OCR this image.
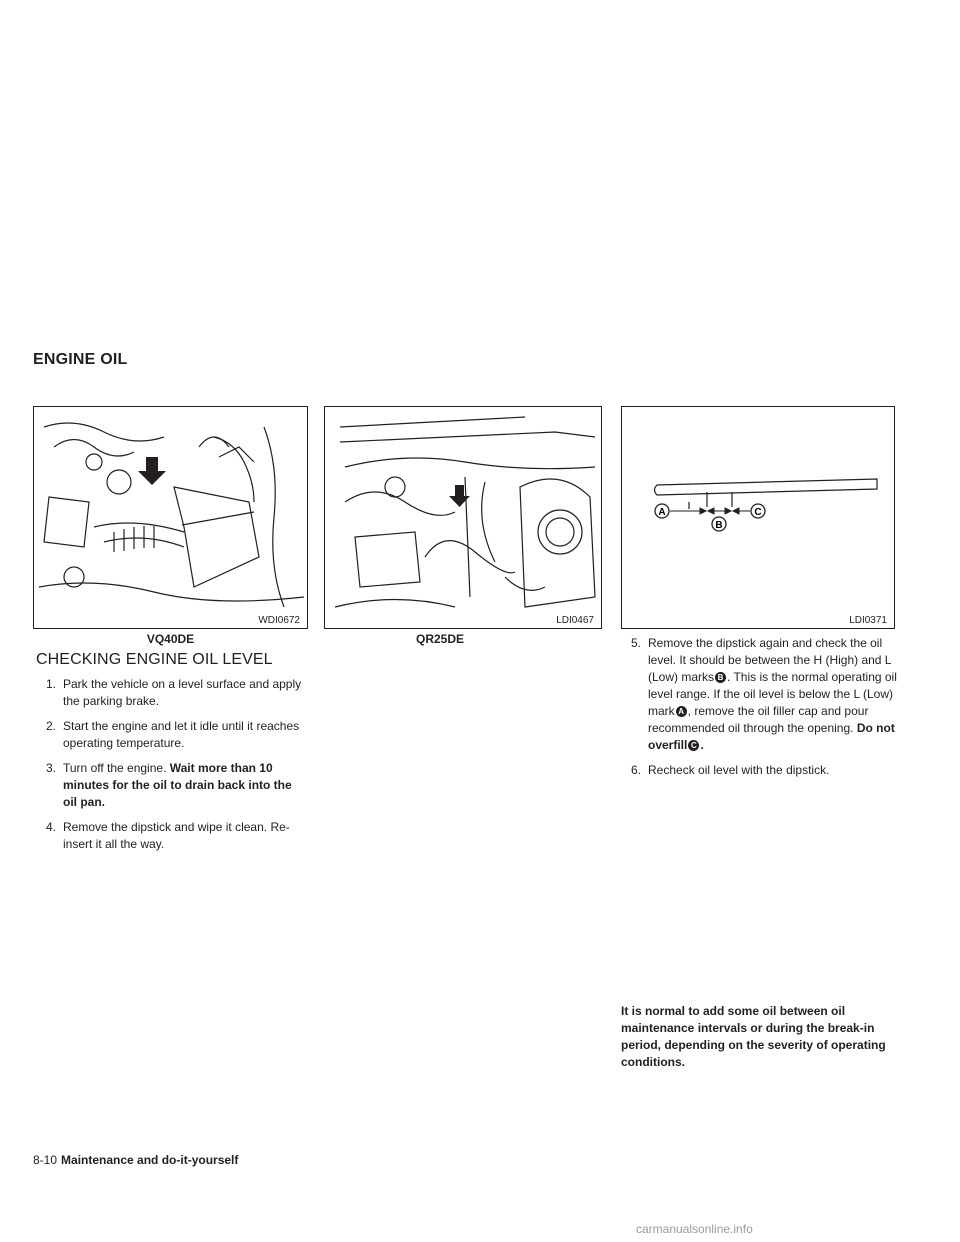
ENGINE OIL
WDI0672
VQ40DE
LDI0467
QR25DE
A
B
C
LDI0371
CHECKING ENGINE OIL LEVEL
1. Park the vehicle on a level surface and apply the parking brake.
2. Start the engine and let it idle until it reaches operating temperature.
3. Turn off the engine. Wait more than 10 minutes for the oil to drain back into the oil pan.
4. Remove the dipstick and wipe it clean. Re-insert it all the way.
5. Remove the dipstick again and check the oil level. It should be between the H (High) and L (Low) marks B . This is the normal operating oil level range. If the oil level is below the L (Low) mark A , remove the oil filler cap and pour recommended oil through the opening. Do not overfill C .
6. Recheck oil level with the dipstick.
It is normal to add some oil between oil maintenance intervals or during the break-in period, depending on the severity of operating conditions.
8-10 Maintenance and do-it-yourself
carmanualsonline.info
